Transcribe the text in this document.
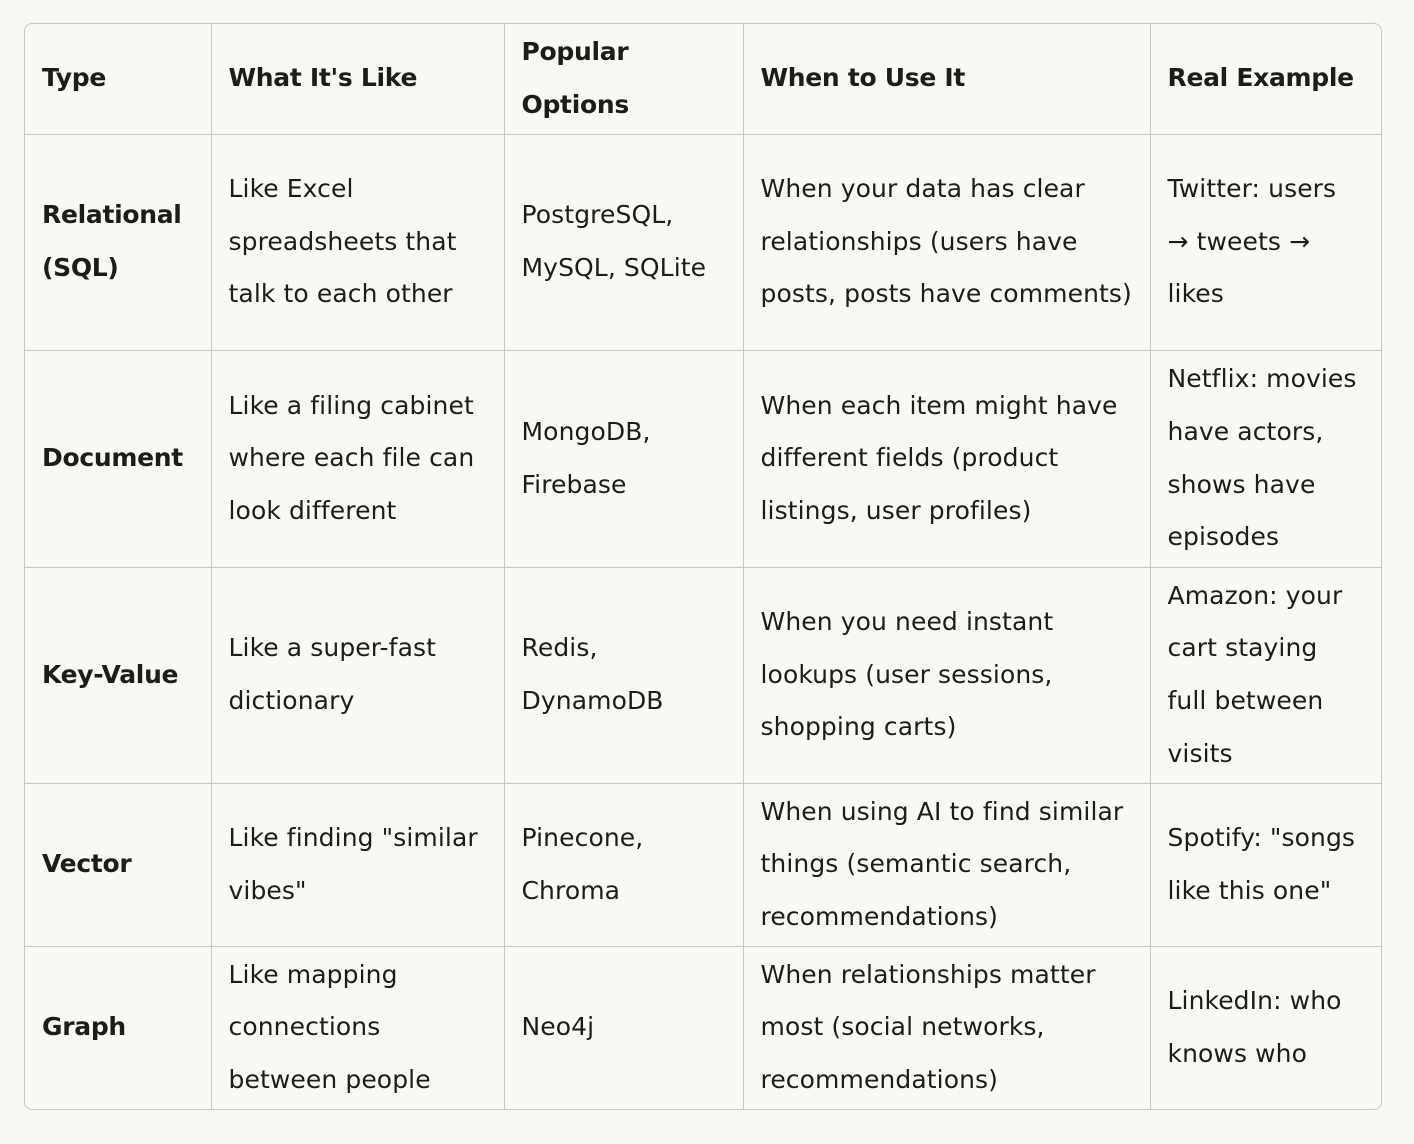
Type	What It's Like	Popular Options	When to Use It	Real Example
Relational (SQL)	Like Excel spreadsheets that talk to each other	PostgreSQL, MySQL, SQLite	When your data has clear relationships (users have posts, posts have comments)	Twitter: users → tweets → likes
Document	Like a filing cabinet where each file can look different	MongoDB, Firebase	When each item might have different fields (product listings, user profiles)	Netflix: movies have actors, shows have episodes
Key-Value	Like a super-fast dictionary	Redis, DynamoDB	When you need instant lookups (user sessions, shopping carts)	Amazon: your cart staying full between visits
Vector	Like finding "similar vibes"	Pinecone, Chroma	When using AI to find similar things (semantic search, recommendations)	Spotify: "songs like this one"
Graph	Like mapping connections between people	Neo4j	When relationships matter most (social networks, recommendations)	LinkedIn: who knows who
